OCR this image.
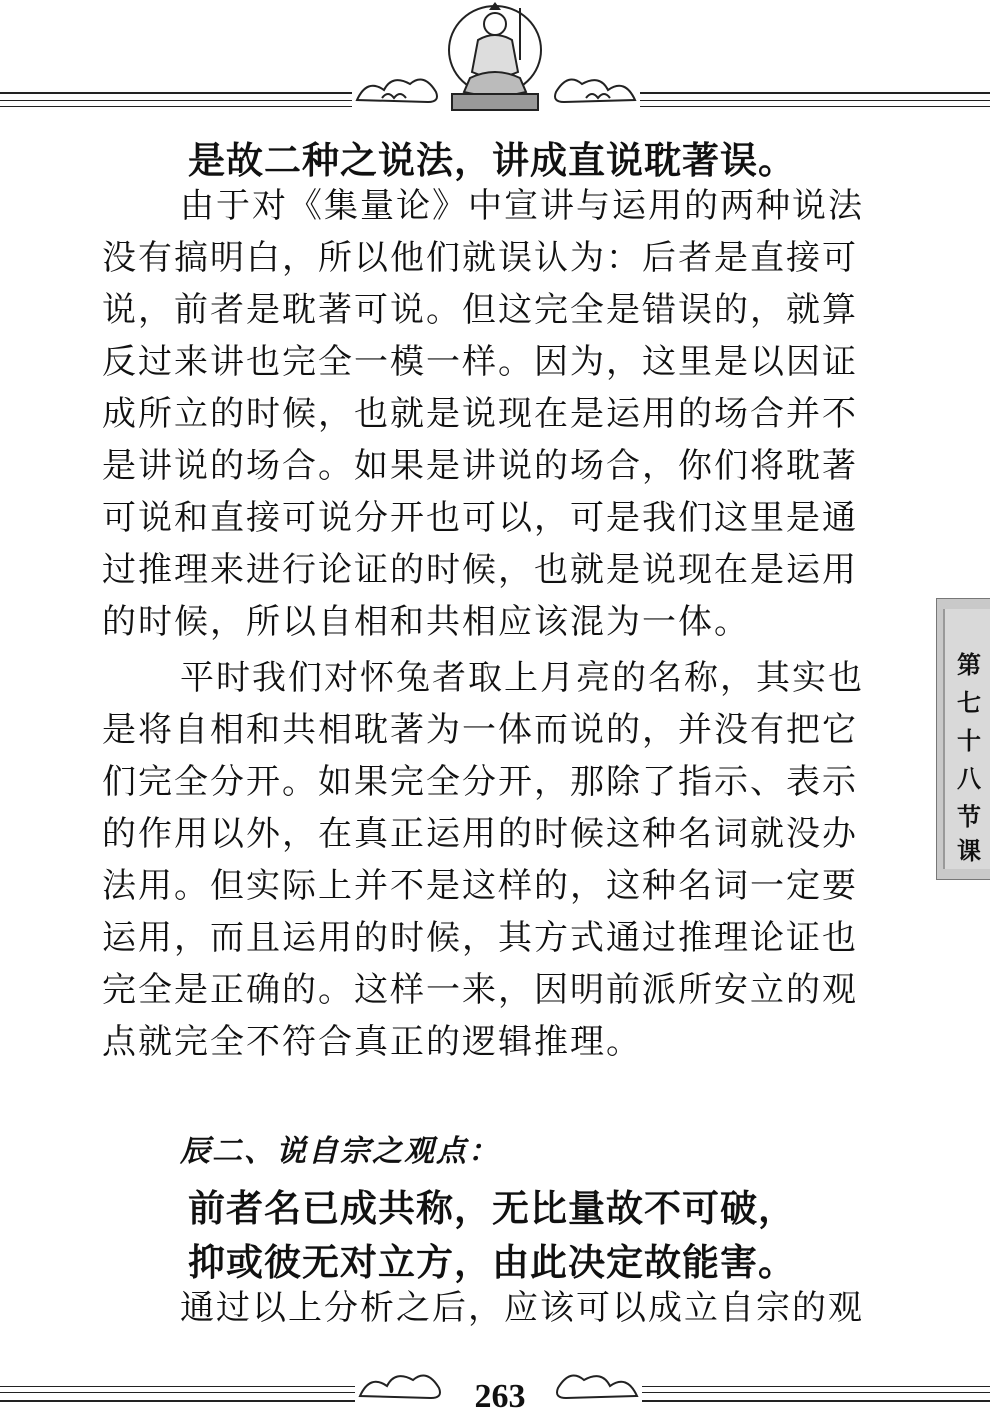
是故二种之说法，讲成直说耽著误。
由于对《集量论》中宣讲与运用的两种说法
没有搞明白，所以他们就误认为：后者是直接可
说，前者是耽著可说。但这完全是错误的，就算
反过来讲也完全一模一样。因为，这里是以因证
成所立的时候，也就是说现在是运用的场合并不
是讲说的场合。如果是讲说的场合，你们将耽著
可说和直接可说分开也可以，可是我们这里是通
过推理来进行论证的时候，也就是说现在是运用
的时候，所以自相和共相应该混为一体。
平时我们对怀兔者取上月亮的名称，其实也
是将自相和共相耽著为一体而说的，并没有把它
们完全分开。如果完全分开，那除了指示、表示
的作用以外，在真正运用的时候这种名词就没办
法用。但实际上并不是这样的，这种名词一定要
运用，而且运用的时候，其方式通过推理论证也
完全是正确的。这样一来，因明前派所安立的观
点就完全不符合真正的逻辑推理。
辰二、说自宗之观点：
前者名已成共称，无比量故不可破，
抑或彼无对立方，由此决定故能害。
通过以上分析之后，应该可以成立自宗的观
第
七
十
八
节
课
263
